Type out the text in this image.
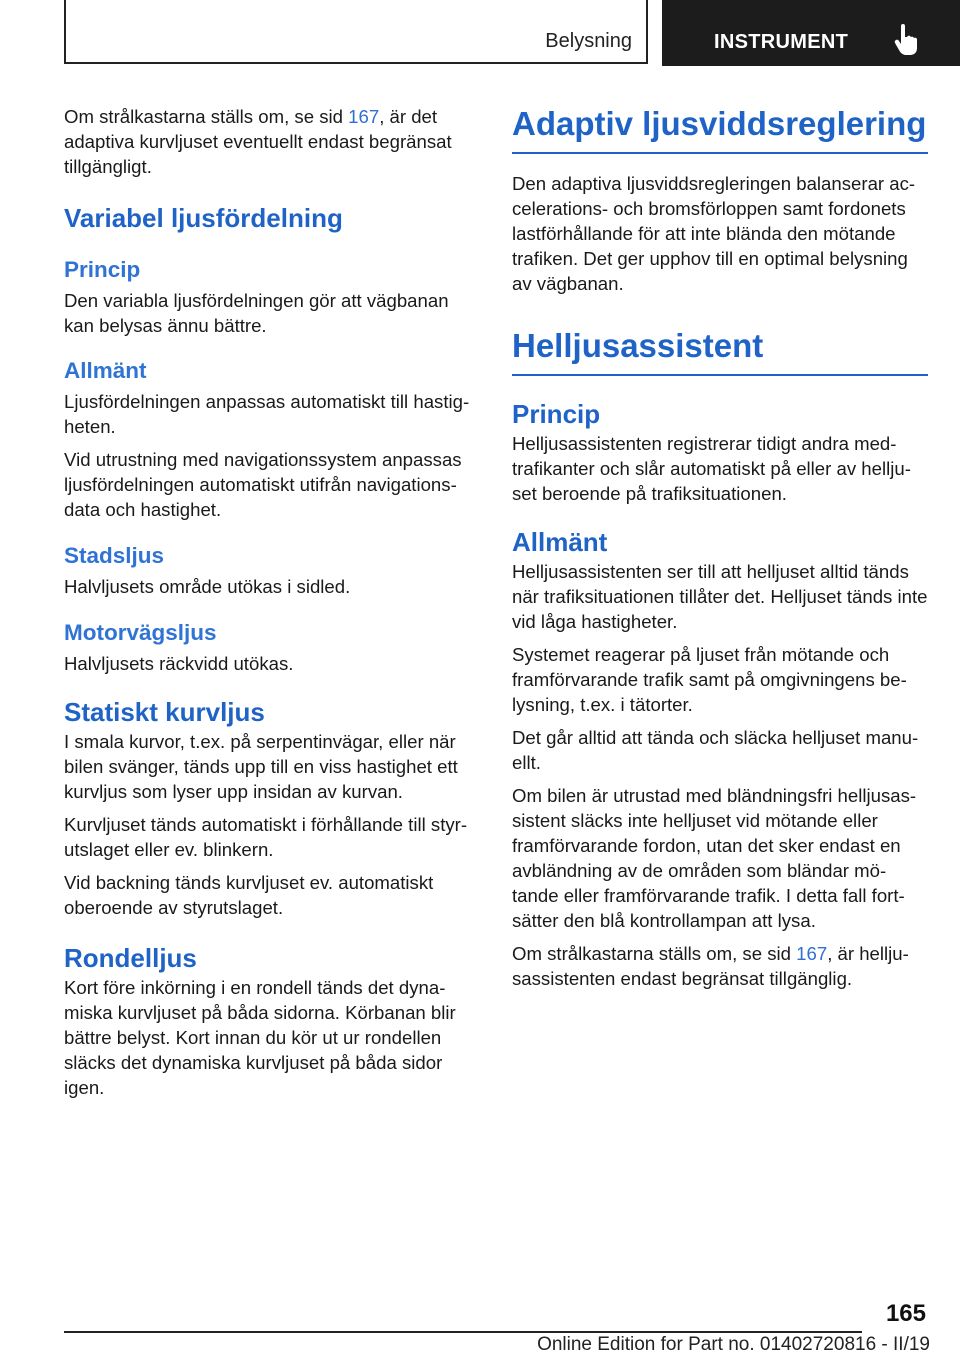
Belysning	INSTRUMENT

Om strålkastarna ställs om, se sid 167, är det adaptiva kurvljuset eventuellt endast begränsat tillgängligt.

Variabel ljusfördelning
Princip

Den variabla ljusfördelningen gör att vägbanan kan belysas ännu bättre.

Allmänt

Ljusfördelningen anpassas automatiskt till hastig-heten.

Vid utrustning med navigationssystem anpassas ljusfördelningen automatiskt utifrån navigations-data och hastighet.

Stadsljus

Halvljusets område utökas i sidled.

Motorvägsljus

Halvljusets räckvidd utökas.

Statiskt kurvljus

I smala kurvor, t.ex. på serpentinvägar, eller när bilen svänger, tänds upp till en viss hastighet ett kurvljus som lyser upp insidan av kurvan.

Kurvljuset tänds automatiskt i förhållande till styr-utslaget eller ev. blinkern.

Vid backning tänds kurvljuset ev. automatiskt oberoende av styrutslaget.

Rondelljus

Kort före inkörning i en rondell tänds det dyna-miska kurvljuset på båda sidorna. Körbanan blir bättre belyst. Kort innan du kör ut ur rondellen släcks det dynamiska kurvljuset på båda sidor igen.

Adaptiv ljusviddsreglering

Den adaptiva ljusviddsregleringen balanserar ac-celerations- och bromsförloppen samt fordonets lastförhållande för att inte blända den mötande trafiken. Det ger upphov till en optimal belysning av vägbanan.

Helljusassistent
Princip

Helljusassistenten registrerar tidigt andra med-trafikanter och slår automatiskt på eller av hellju-set beroende på trafiksituationen.

Allmänt

Helljusassistenten ser till att helljuset alltid tänds när trafiksituationen tillåter det. Helljuset tänds inte vid låga hastigheter.

Systemet reagerar på ljuset från mötande och framförvarande trafik samt på omgivningens be-lysning, t.ex. i tätorter.

Det går alltid att tända och släcka helljuset manu-ellt.

Om bilen är utrustad med bländningsfri helljusas-sistent släcks inte helljuset vid mötande eller framförvarande fordon, utan det sker endast en avbländning av de områden som bländar mö-tande eller framförvarande trafik. I detta fall fort-sätter den blå kontrollampan att lysa.

Om strålkastarna ställs om, se sid 167, är hellju-sassistenten endast begränsat tillgänglig.

165
Online Edition for Part no. 01402720816 - II/19
